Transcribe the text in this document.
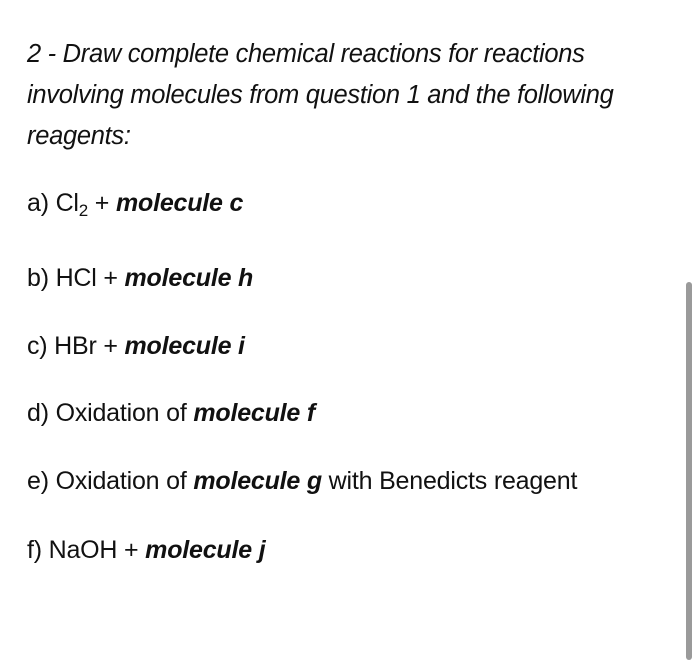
2 - Draw complete chemical reactions for reactions
involving molecules from question 1 and the following
reagents:
a) $Cl_2$ + molecule c
b) HCl + molecule h
c) HBr + molecule i
d) Oxidation of molecule f
e) Oxidation of molecule g with Benedicts reagent
f) NaOH + molecule j
